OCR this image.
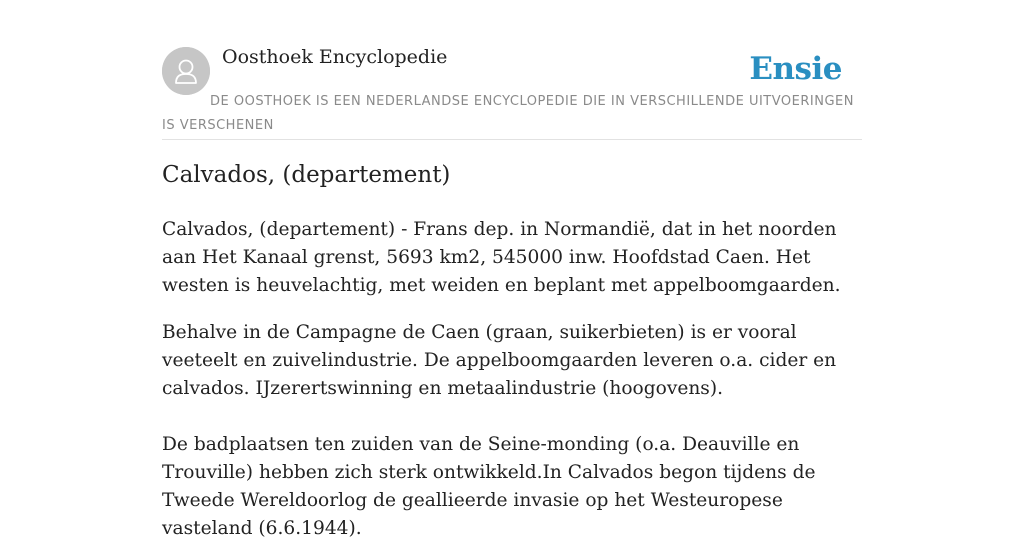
Oosthoek Encyclopedie	Ensie
DE OOSTHOEK IS EEN NEDERLANDSE ENCYCLOPEDIE DIE IN VERSCHILLENDE UITVOERINGEN IS VERSCHENEN
Calvados, (departement)

Calvados, (departement) - Frans dep. in Normandië, dat in het noorden aan Het Kanaal grenst, 5693 km2, 545000 inw. Hoofdstad Caen. Het westen is heuvelachtig, met weiden en beplant met appelboomgaarden.

Behalve in de Campagne de Caen (graan, suikerbieten) is er vooral veeteelt en zuivelindustrie. De appelboomgaarden leveren o.a. cider en calvados. IJzerertswinning en metaalindustrie (hoogovens).

De badplaatsen ten zuiden van de Seine-monding (o.a. Deauville en Trouville) hebben zich sterk ontwikkeld.In Calvados begon tijdens de Tweede Wereldoorlog de geallieerde invasie op het Westeuropese vasteland (6.6.1944).
